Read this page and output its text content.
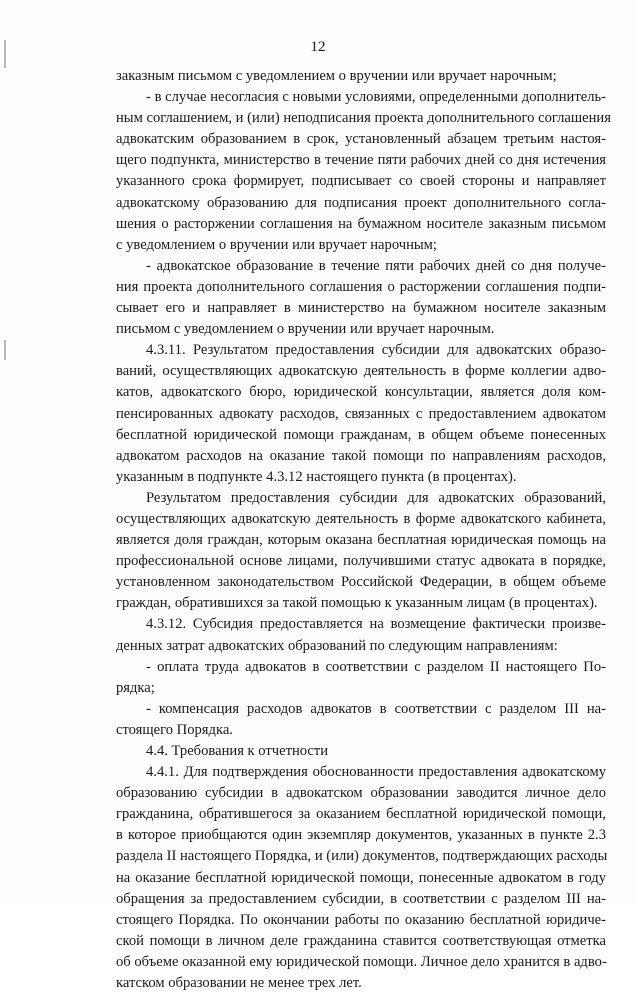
12
заказным письмом с уведомлением о вручении или вручает нарочным;
- в случае несогласия с новыми условиями, определенными дополнитель-
ным соглашением, и (или) неподписания проекта дополнительного соглашения
адвокатским образованием в срок, установленный абзацем третьим настоя-
щего подпункта, министерство в течение пяти рабочих дней со дня истечения
указанного срока формирует, подписывает со своей стороны и направляет
адвокатскому образованию для подписания проект дополнительного согла-
шения о расторжении соглашения на бумажном носителе заказным письмом
с уведомлением о вручении или вручает нарочным;
- адвокатское образование в течение пяти рабочих дней со дня получе-
ния проекта дополнительного соглашения о расторжении соглашения подпи-
сывает его и направляет в министерство на бумажном носителе заказным
письмом с уведомлением о вручении или вручает нарочным.
4.3.11. Результатом предоставления субсидии для адвокатских образо-
ваний, осуществляющих адвокатскую деятельность в форме коллегии адво-
катов, адвокатского бюро, юридической консультации, является доля ком-
пенсированных адвокату расходов, связанных с предоставлением адвокатом
бесплатной юридической помощи гражданам, в общем объеме понесенных
адвокатом расходов на оказание такой помощи по направлениям расходов,
указанным в подпункте 4.3.12 настоящего пункта (в процентах).
Результатом предоставления субсидии для адвокатских образований,
осуществляющих адвокатскую деятельность в форме адвокатского кабинета,
является доля граждан, которым оказана бесплатная юридическая помощь на
профессиональной основе лицами, получившими статус адвоката в порядке,
установленном законодательством Российской Федерации, в общем объеме
граждан, обратившихся за такой помощью к указанным лицам (в процентах).
4.3.12. Субсидия предоставляется на возмещение фактически произве-
денных затрат адвокатских образований по следующим направлениям:
- оплата труда адвокатов в соответствии с разделом II настоящего По-
рядка;
- компенсация расходов адвокатов в соответствии с разделом III на-
стоящего Порядка.
4.4. Требования к отчетности
4.4.1. Для подтверждения обоснованности предоставления адвокатскому
образованию субсидии в адвокатском образовании заводится личное дело
гражданина, обратившегося за оказанием бесплатной юридической помощи,
в которое приобщаются один экземпляр документов, указанных в пункте 2.3
раздела II настоящего Порядка, и (или) документов, подтверждающих расходы
на оказание бесплатной юридической помощи, понесенные адвокатом в году
обращения за предоставлением субсидии, в соответствии с разделом III на-
стоящего Порядка. По окончании работы по оказанию бесплатной юридиче-
ской помощи в личном деле гражданина ставится соответствующая отметка
об объеме оказанной ему юридической помощи. Личное дело хранится в адво-
катском образовании не менее трех лет.
